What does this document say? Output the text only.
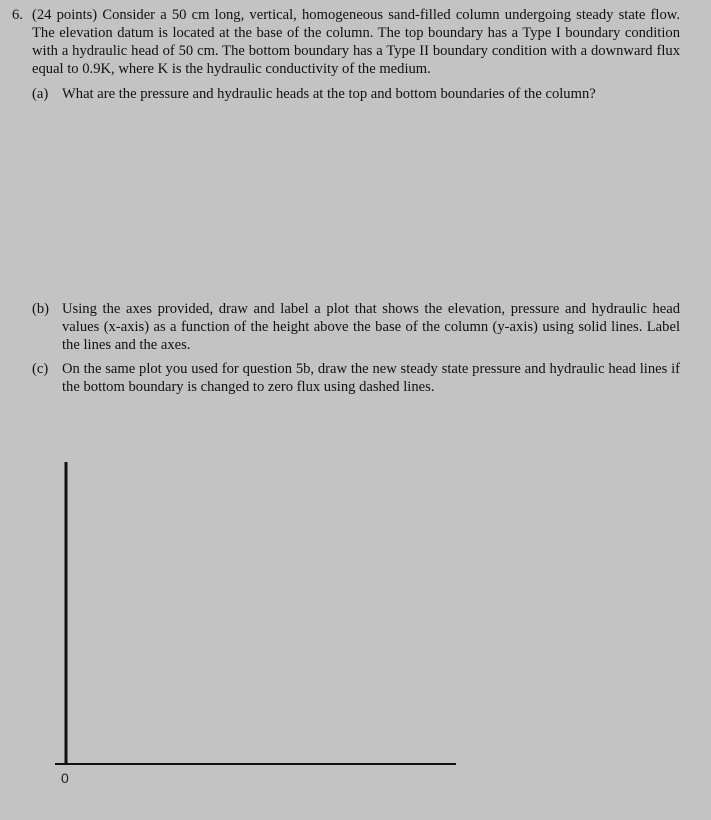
6. (24 points) Consider a 50 cm long, vertical, homogeneous sand-filled column undergoing steady state flow. The elevation datum is located at the base of the column. The top boundary has a Type I boundary condition with a hydraulic head of 50 cm. The bottom boundary has a Type II boundary condition with a downward flux equal to 0.9K, where K is the hydraulic conductivity of the medium.
(a) What are the pressure and hydraulic heads at the top and bottom boundaries of the column?
(b) Using the axes provided, draw and label a plot that shows the elevation, pressure and hydraulic head values (x-axis) as a function of the height above the base of the column (y-axis) using solid lines. Label the lines and the axes.
(c) On the same plot you used for question 5b, draw the new steady state pressure and hydraulic head lines if the bottom boundary is changed to zero flux using dashed lines.
0
